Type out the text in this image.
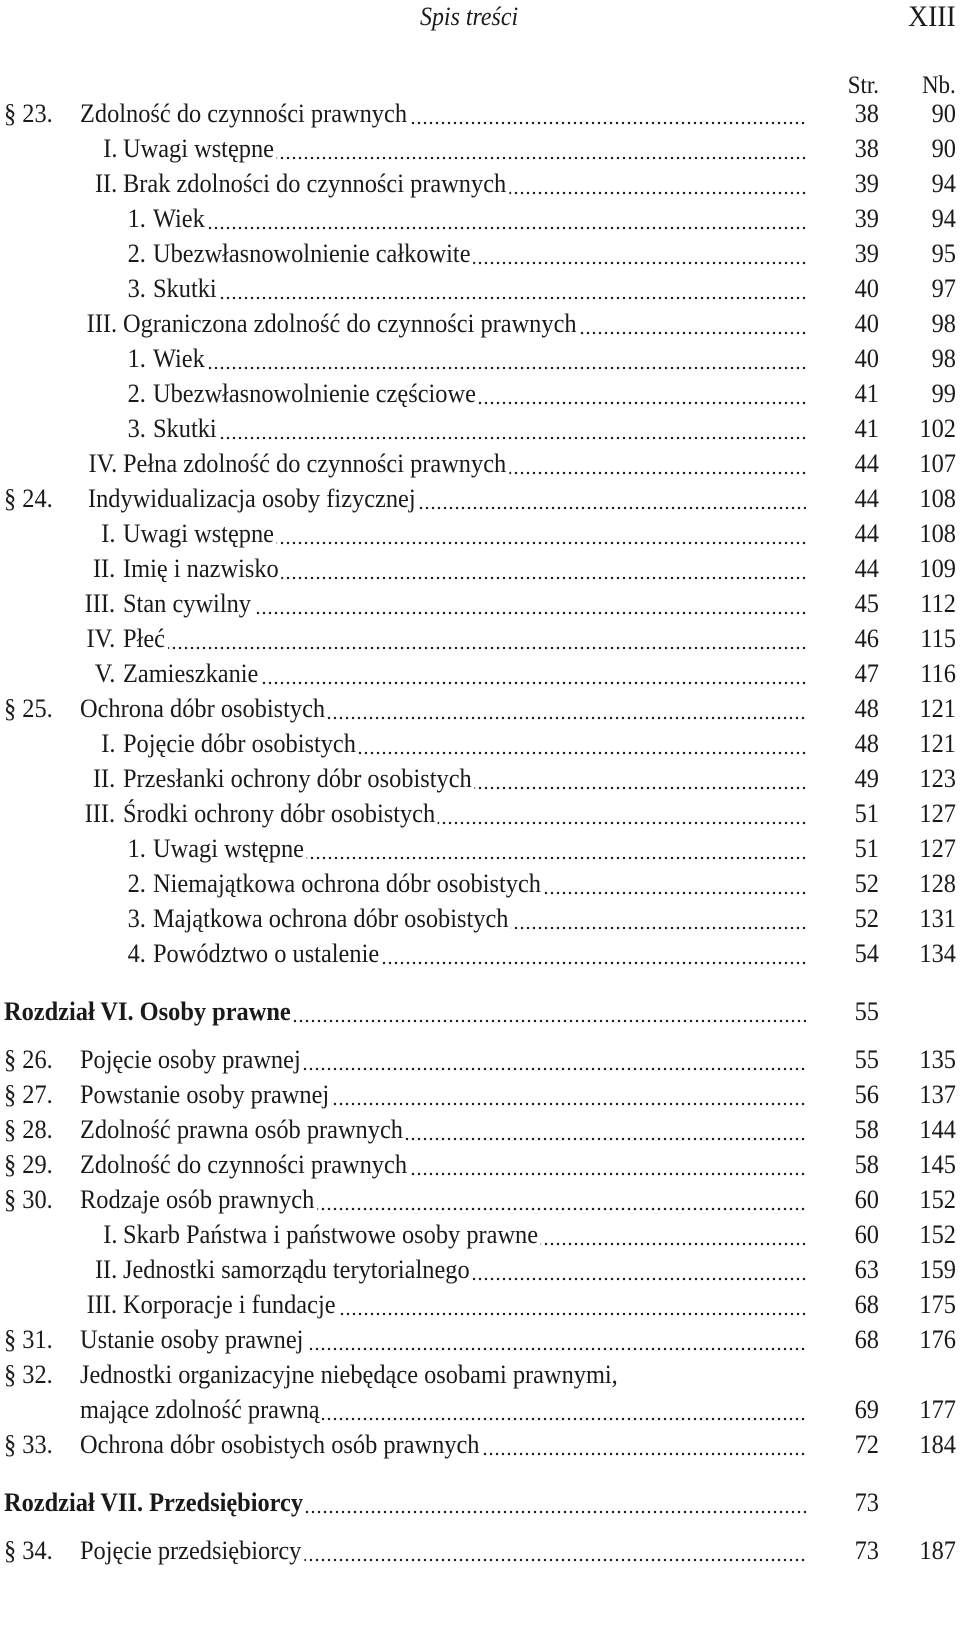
Spis treści	XIII
Str. Nb.
§ 23. Zdolność do czynności prawnych	38	90
I. Uwagi wstępne	38	90
II. Brak zdolności do czynności prawnych	39	94
1. Wiek	39	94
2. Ubezwłasnowolnienie całkowite	39	95
3. Skutki	40	97
III. Ograniczona zdolność do czynności prawnych	40	98
1. Wiek	40	98
2. Ubezwłasnowolnienie częściowe	41	99
3. Skutki	41	102
IV. Pełna zdolność do czynności prawnych	44	107
§ 24. Indywidualizacja osoby fizycznej	44	108
I. Uwagi wstępne	44	108
II. Imię i nazwisko	44	109
III. Stan cywilny	45	112
IV. Płeć	46	115
V. Zamieszkanie	47	116
§ 25. Ochrona dóbr osobistych	48	121
I. Pojęcie dóbr osobistych	48	121
II. Przesłanki ochrony dóbr osobistych	49	123
III. Środki ochrony dóbr osobistych	51	127
1. Uwagi wstępne	51	127
2. Niemajątkowa ochrona dóbr osobistych	52	128
3. Majątkowa ochrona dóbr osobistych	52	131
4. Powództwo o ustalenie	54	134
Rozdział VI. Osoby prawne	55
§ 26. Pojęcie osoby prawnej	55	135
§ 27. Powstanie osoby prawnej	56	137
§ 28. Zdolność prawna osób prawnych	58	144
§ 29. Zdolność do czynności prawnych	58	145
§ 30. Rodzaje osób prawnych	60	152
I. Skarb Państwa i państwowe osoby prawne	60	152
II. Jednostki samorządu terytorialnego	63	159
III. Korporacje i fundacje	68	175
§ 31. Ustanie osoby prawnej	68	176
§ 32. Jednostki organizacyjne niebędące osobami prawnymi,
mające zdolność prawną	69	177
§ 33. Ochrona dóbr osobistych osób prawnych	72	184
Rozdział VII. Przedsiębiorcy	73
§ 34. Pojęcie przedsiębiorcy	73	187
